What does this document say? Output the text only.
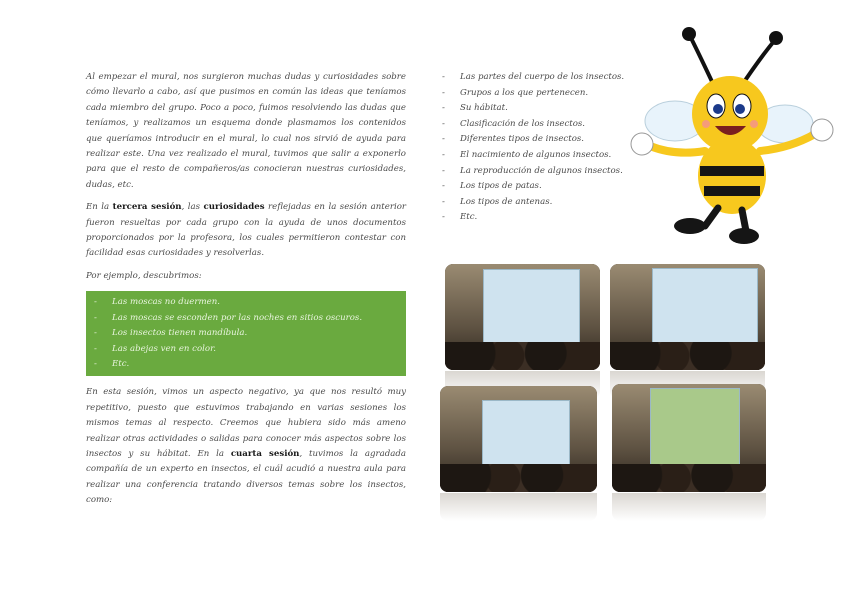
Al empezar el mural, nos surgieron muchas dudas y curiosidades sobre cómo llevarlo a cabo, así que pusimos en común las ideas que teníamos cada miembro del grupo. Poco a poco, fuimos resolviendo las dudas que teníamos, y realizamos un esquema donde plasmamos los contenidos que queríamos introducir en el mural, lo cual nos sirvió de ayuda para realizar este. Una vez realizado el mural, tuvimos que salir a exponerlo para que el resto de compañeros/as conocieran nuestras curiosidades, dudas, etc.

En la tercera sesión, las curiosidades reflejadas en la sesión anterior fueron resueltas por cada grupo con la ayuda de unos documentos proporcionados por la profesora, los cuales permitieron contestar con facilidad esas curiosidades y resolverlas.

Por ejemplo, descubrimos:

- Las moscas no duermen.
- Las moscas se esconden por las noches en sitios oscuros.
- Los insectos tienen mandíbula.
- Las abejas ven en color.
- Etc.

En esta sesión, vimos un aspecto negativo, ya que nos resultó muy repetitivo, puesto que estuvimos trabajando en varias sesiones los mismos temas al respecto. Creemos que hubiera sido más ameno realizar otras actividades o salidas para conocer más aspectos sobre los insectos y su hábitat. En la cuarta sesión, tuvimos la agradada compañía de un experto en insectos, el cuál acudió a nuestra aula para realizar una conferencia tratando diversos temas sobre los insectos, como:

- Las partes del cuerpo de los insectos.
- Grupos a los que pertenecen.
- Su hábitat.
- Clasificación de los insectos.
- Diferentes tipos de insectos.
- El nacimiento de algunos insectos.
- La reproducción de algunos insectos.
- Los tipos de patas.
- Los tipos de antenas.
- Etc.
